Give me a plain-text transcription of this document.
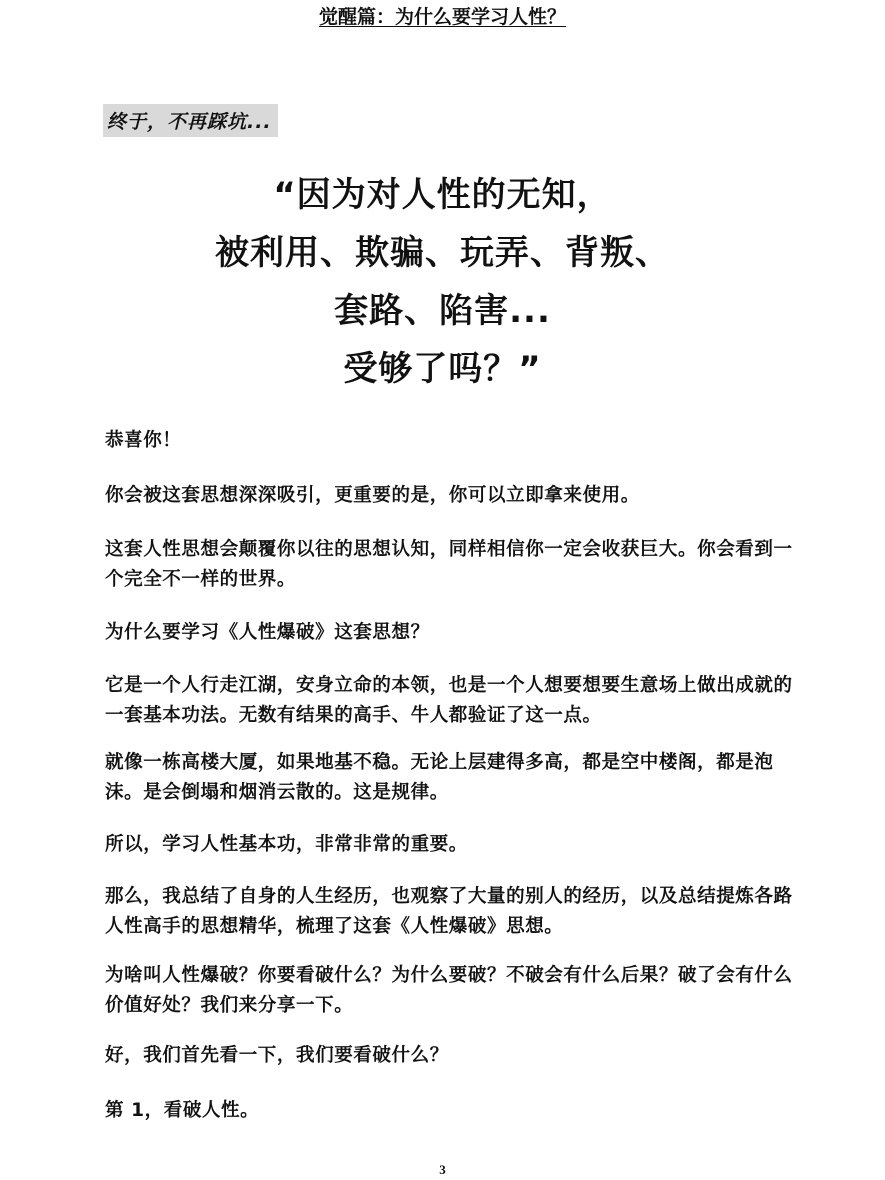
觉醒篇：为什么要学习人性？
终于，不再踩坑...
“因为对人性的无知，
被利用、欺骗、玩弄、背叛、
套路、陷害...
受够了吗？”
恭喜你！
你会被这套思想深深吸引，更重要的是，你可以立即拿来使用。
这套人性思想会颠覆你以往的思想认知，同样相信你一定会收获巨大。你会看到一个完全不一样的世界。
为什么要学习《人性爆破》这套思想？
它是一个人行走江湖，安身立命的本领，也是一个人想要想要生意场上做出成就的一套基本功法。无数有结果的高手、牛人都验证了这一点。
就像一栋高楼大厦，如果地基不稳。无论上层建得多高，都是空中楼阁，都是泡沫。是会倒塌和烟消云散的。这是规律。
所以，学习人性基本功，非常非常的重要。
那么，我总结了自身的人生经历，也观察了大量的别人的经历，以及总结提炼各路人性高手的思想精华，梳理了这套《人性爆破》思想。
为啥叫人性爆破？你要看破什么？为什么要破？不破会有什么后果？破了会有什么价值好处？我们来分享一下。
好，我们首先看一下，我们要看破什么？
第 1，看破人性。
3
